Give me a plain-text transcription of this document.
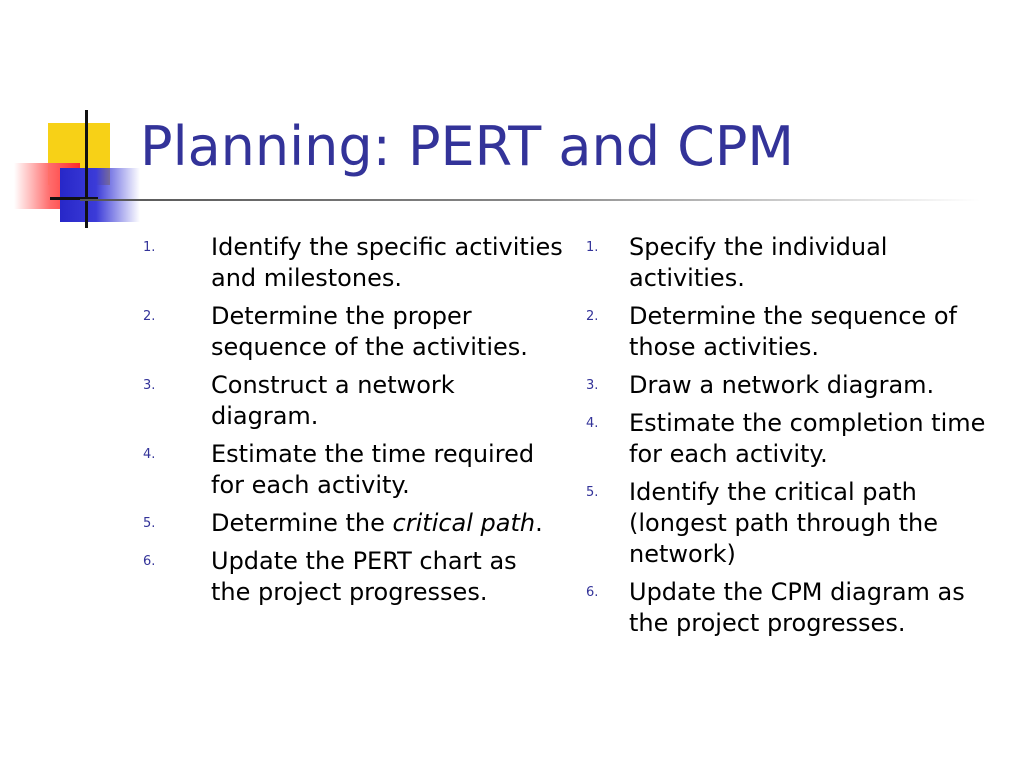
Planning: PERT and CPM
1.	Identify the specific activities and milestones.
2.	Determine the proper sequence of the activities.
3.	Construct a network diagram.
4.	Estimate the time required for each activity.
5.	Determine the critical path.
6.	Update the PERT chart as the project progresses.
1.	Specify the individual activities.
2.	Determine the sequence of those activities.
3.	Draw a network diagram.
4.	Estimate the completion time for each activity.
5.	Identify the critical path (longest path through the network)
6.	Update the CPM diagram as the project progresses.
